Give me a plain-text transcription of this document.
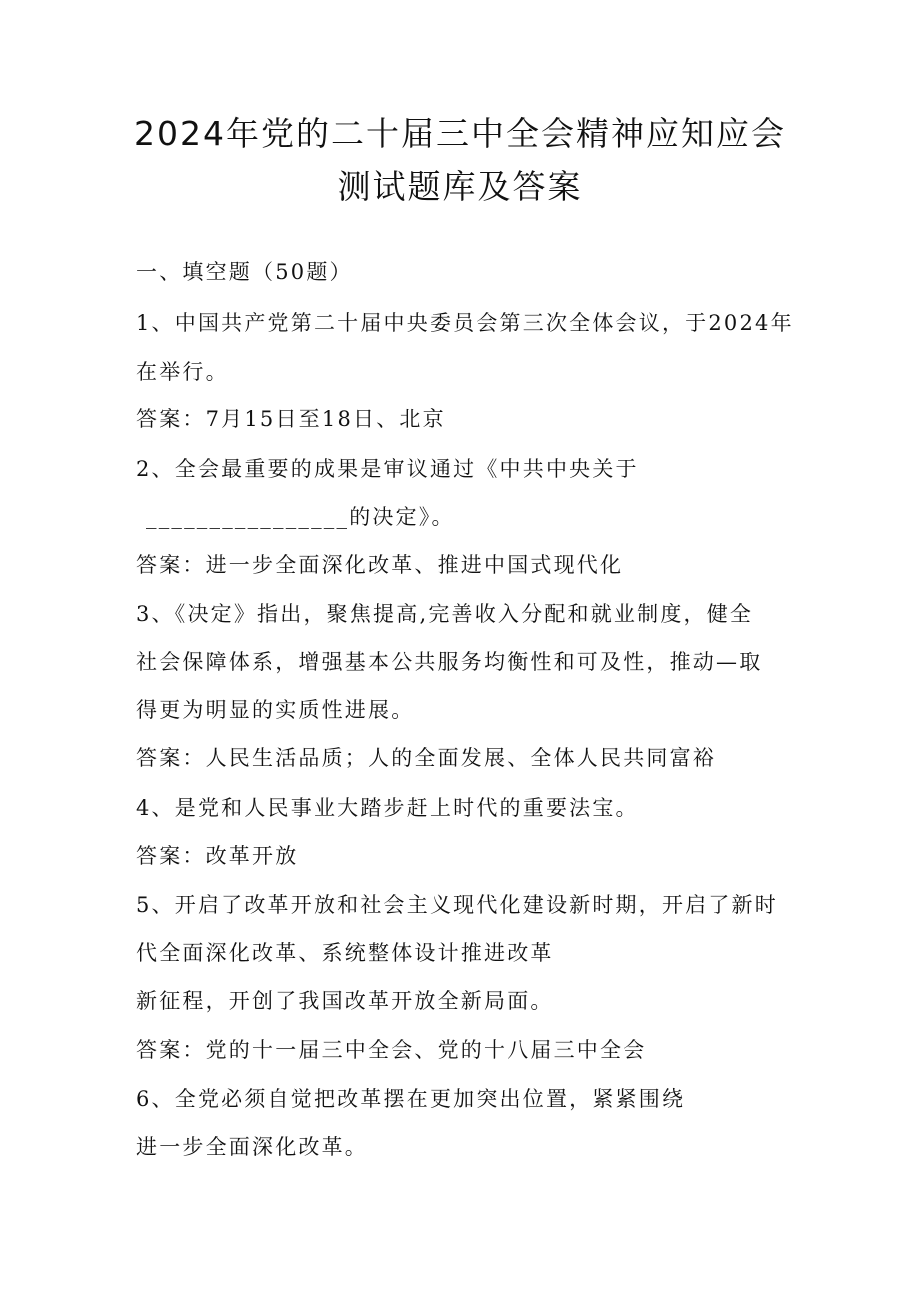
2024年党的二十届三中全会精神应知应会
测试题库及答案
一、填空题（50题）
1、中国共产党第二十届中央委员会第三次全体会议，于2024年
在举行。
答案：7月15日至18日、北京
2、全会最重要的成果是审议通过《中共中央关于
________________的决定》。
答案：进一步全面深化改革、推进中国式现代化
3、《决定》指出，聚焦提高,完善收入分配和就业制度，健全
社会保障体系，增强基本公共服务均衡性和可及性，推动—取
得更为明显的实质性进展。
答案：人民生活品质；人的全面发展、全体人民共同富裕
4、是党和人民事业大踏步赶上时代的重要法宝。
答案：改革开放
5、开启了改革开放和社会主义现代化建设新时期，开启了新时
代全面深化改革、系统整体设计推进改革
新征程，开创了我国改革开放全新局面。
答案：党的十一届三中全会、党的十八届三中全会
6、全党必须自觉把改革摆在更加突出位置，紧紧围绕
进一步全面深化改革。
